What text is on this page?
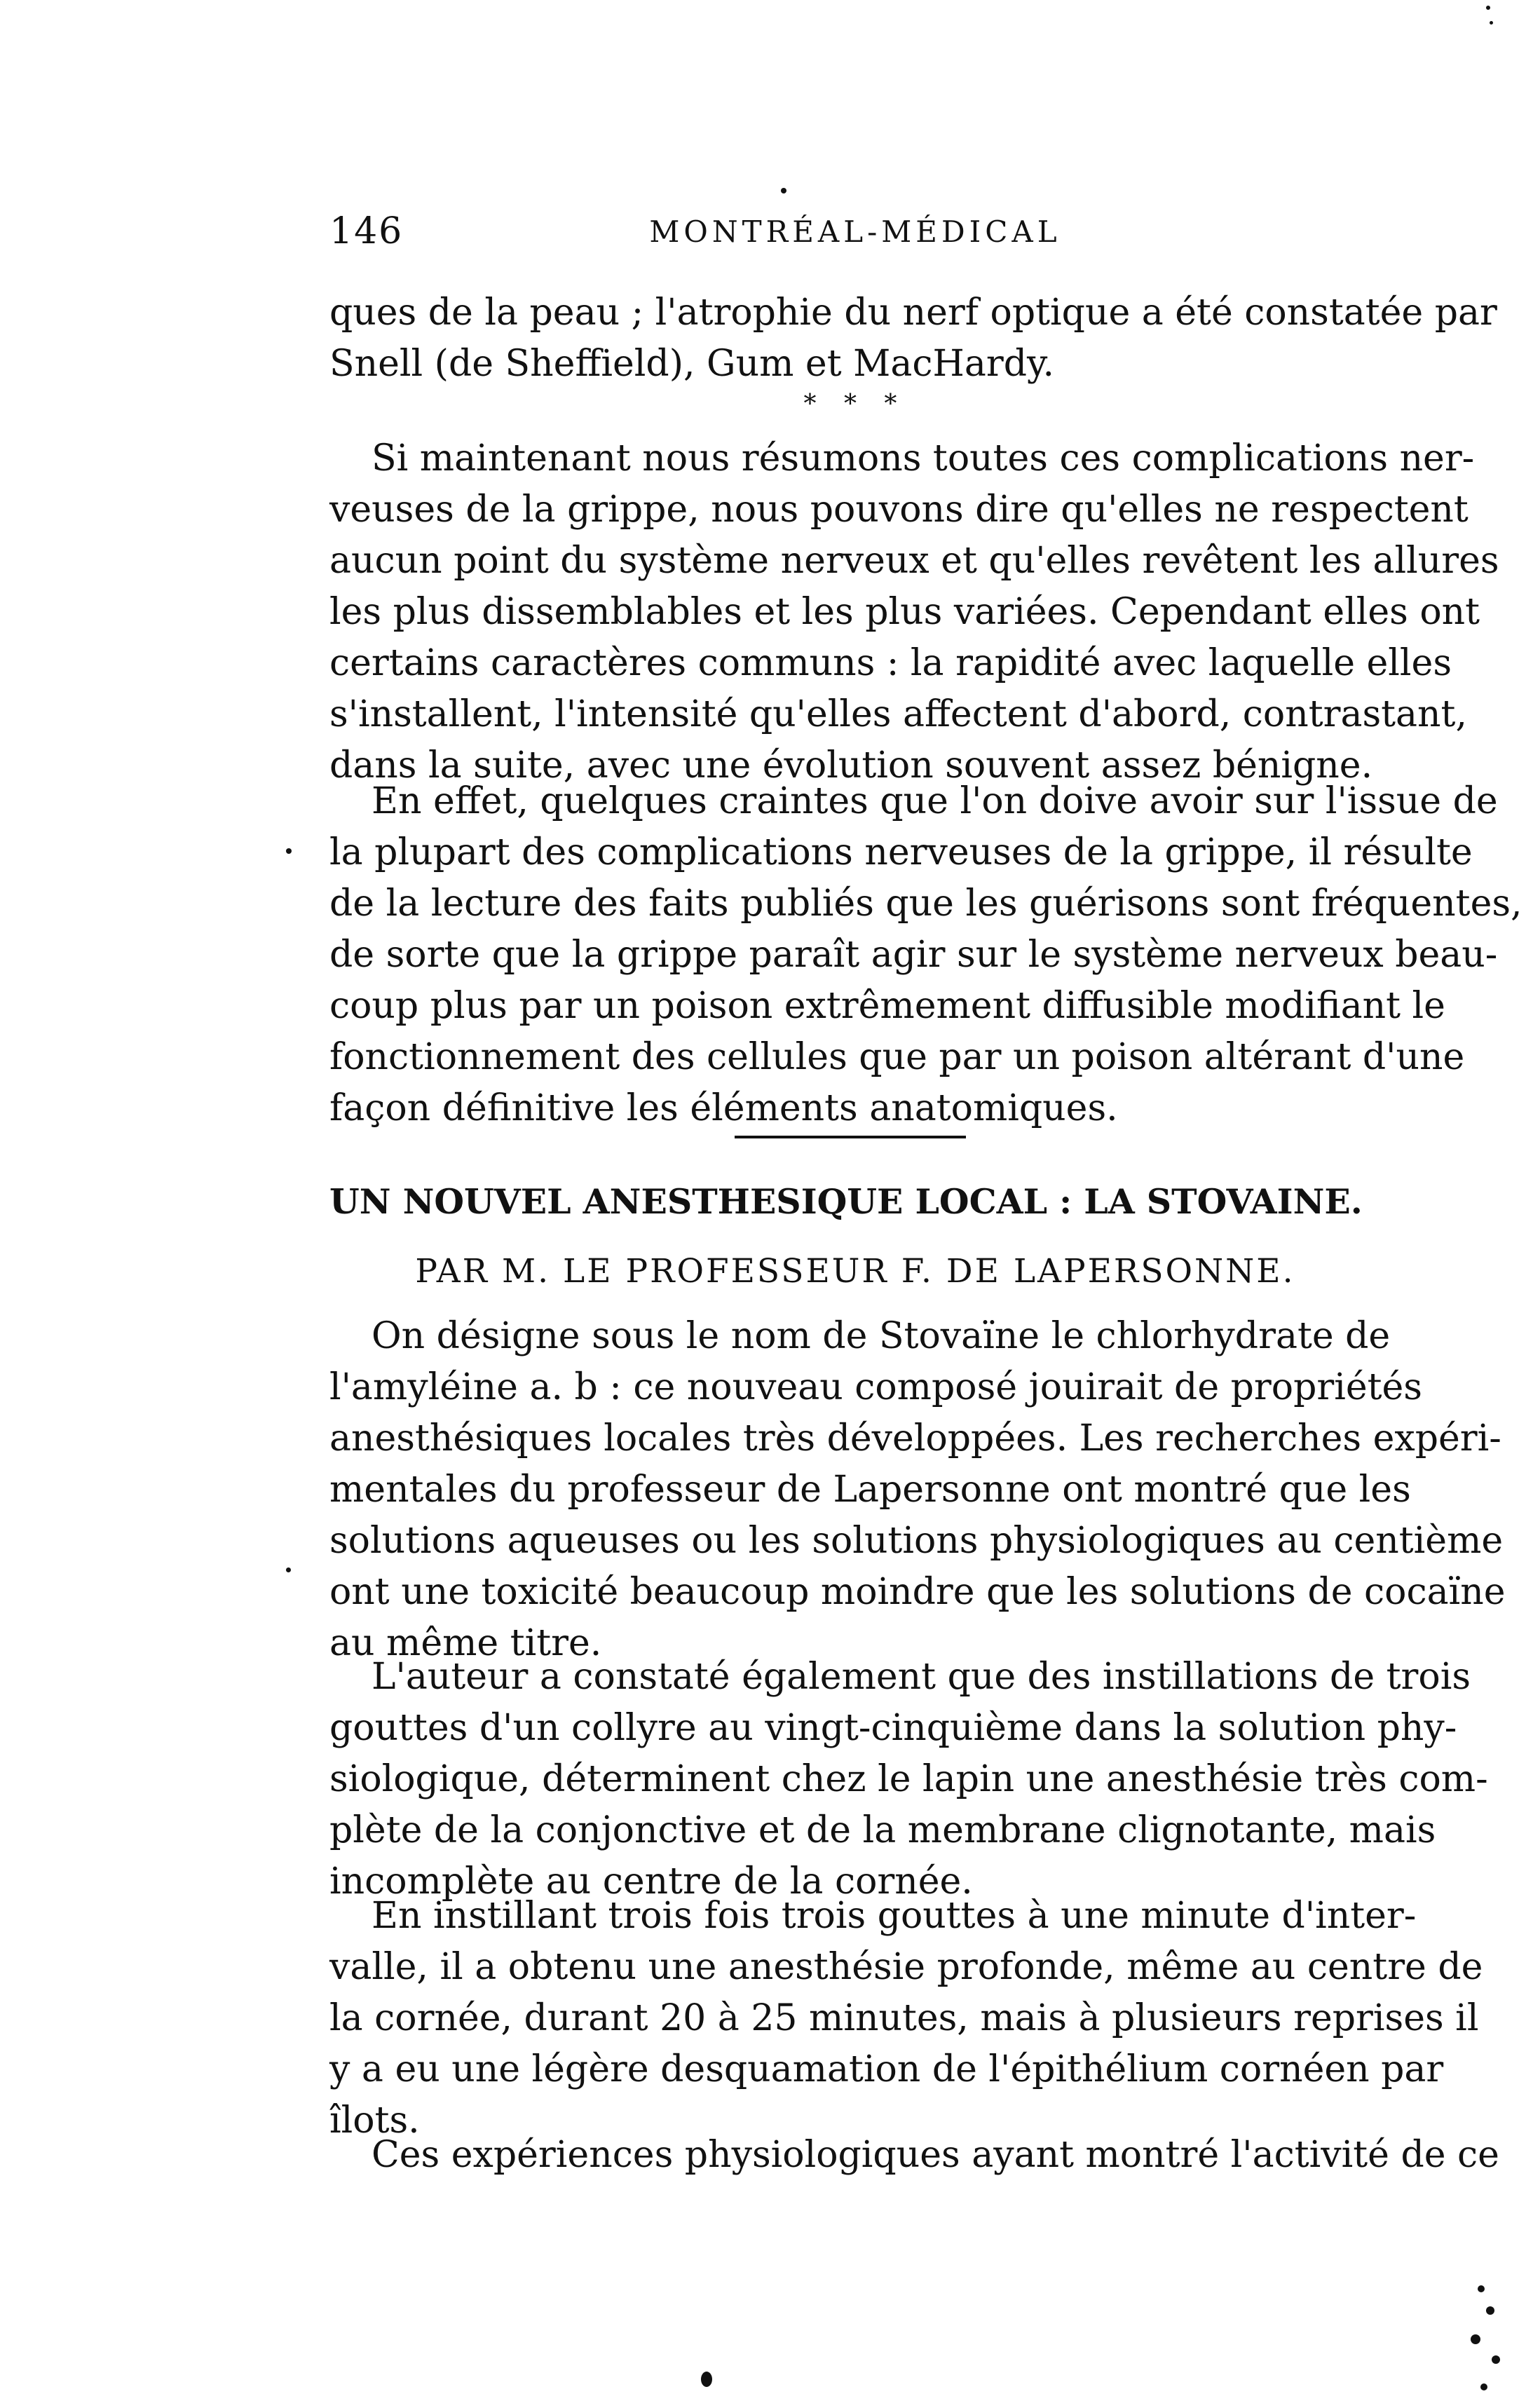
146	MONTRÉAL-MÉDICAL
ques de la peau ; l'atrophie du nerf optique a été constatée par
Snell (de Sheffield), Gum et MacHardy.
* * *
Si maintenant nous résumons toutes ces complications ner-
veuses de la grippe, nous pouvons dire qu'elles ne respectent
aucun point du système nerveux et qu'elles revêtent les allures
les plus dissemblables et les plus variées. Cependant elles ont
certains caractères communs : la rapidité avec laquelle elles
s'installent, l'intensité qu'elles affectent d'abord, contrastant,
dans la suite, avec une évolution souvent assez bénigne.
En effet, quelques craintes que l'on doive avoir sur l'issue de
la plupart des complications nerveuses de la grippe, il résulte
de la lecture des faits publiés que les guérisons sont fréquentes,
de sorte que la grippe paraît agir sur le système nerveux beau-
coup plus par un poison extrêmement diffusible modifiant le
fonctionnement des cellules que par un poison altérant d'une
façon définitive les éléments anatomiques.
UN NOUVEL ANESTHESIQUE LOCAL : LA STOVAINE.
PAR M. LE PROFESSEUR F. DE LAPERSONNE.
On désigne sous le nom de Stovaïne le chlorhydrate de
l'amyléine a. b : ce nouveau composé jouirait de propriétés
anesthésiques locales très développées. Les recherches expéri-
mentales du professeur de Lapersonne ont montré que les
solutions aqueuses ou les solutions physiologiques au centième
ont une toxicité beaucoup moindre que les solutions de cocaïne
au même titre.
L'auteur a constaté également que des instillations de trois
gouttes d'un collyre au vingt-cinquième dans la solution phy-
siologique, déterminent chez le lapin une anesthésie très com-
plète de la conjonctive et de la membrane clignotante, mais
incomplète au centre de la cornée.
En instillant trois fois trois gouttes à une minute d'inter-
valle, il a obtenu une anesthésie profonde, même au centre de
la cornée, durant 20 à 25 minutes, mais à plusieurs reprises il
y a eu une légère desquamation de l'épithélium cornéen par
îlots.
Ces expériences physiologiques ayant montré l'activité de ce
